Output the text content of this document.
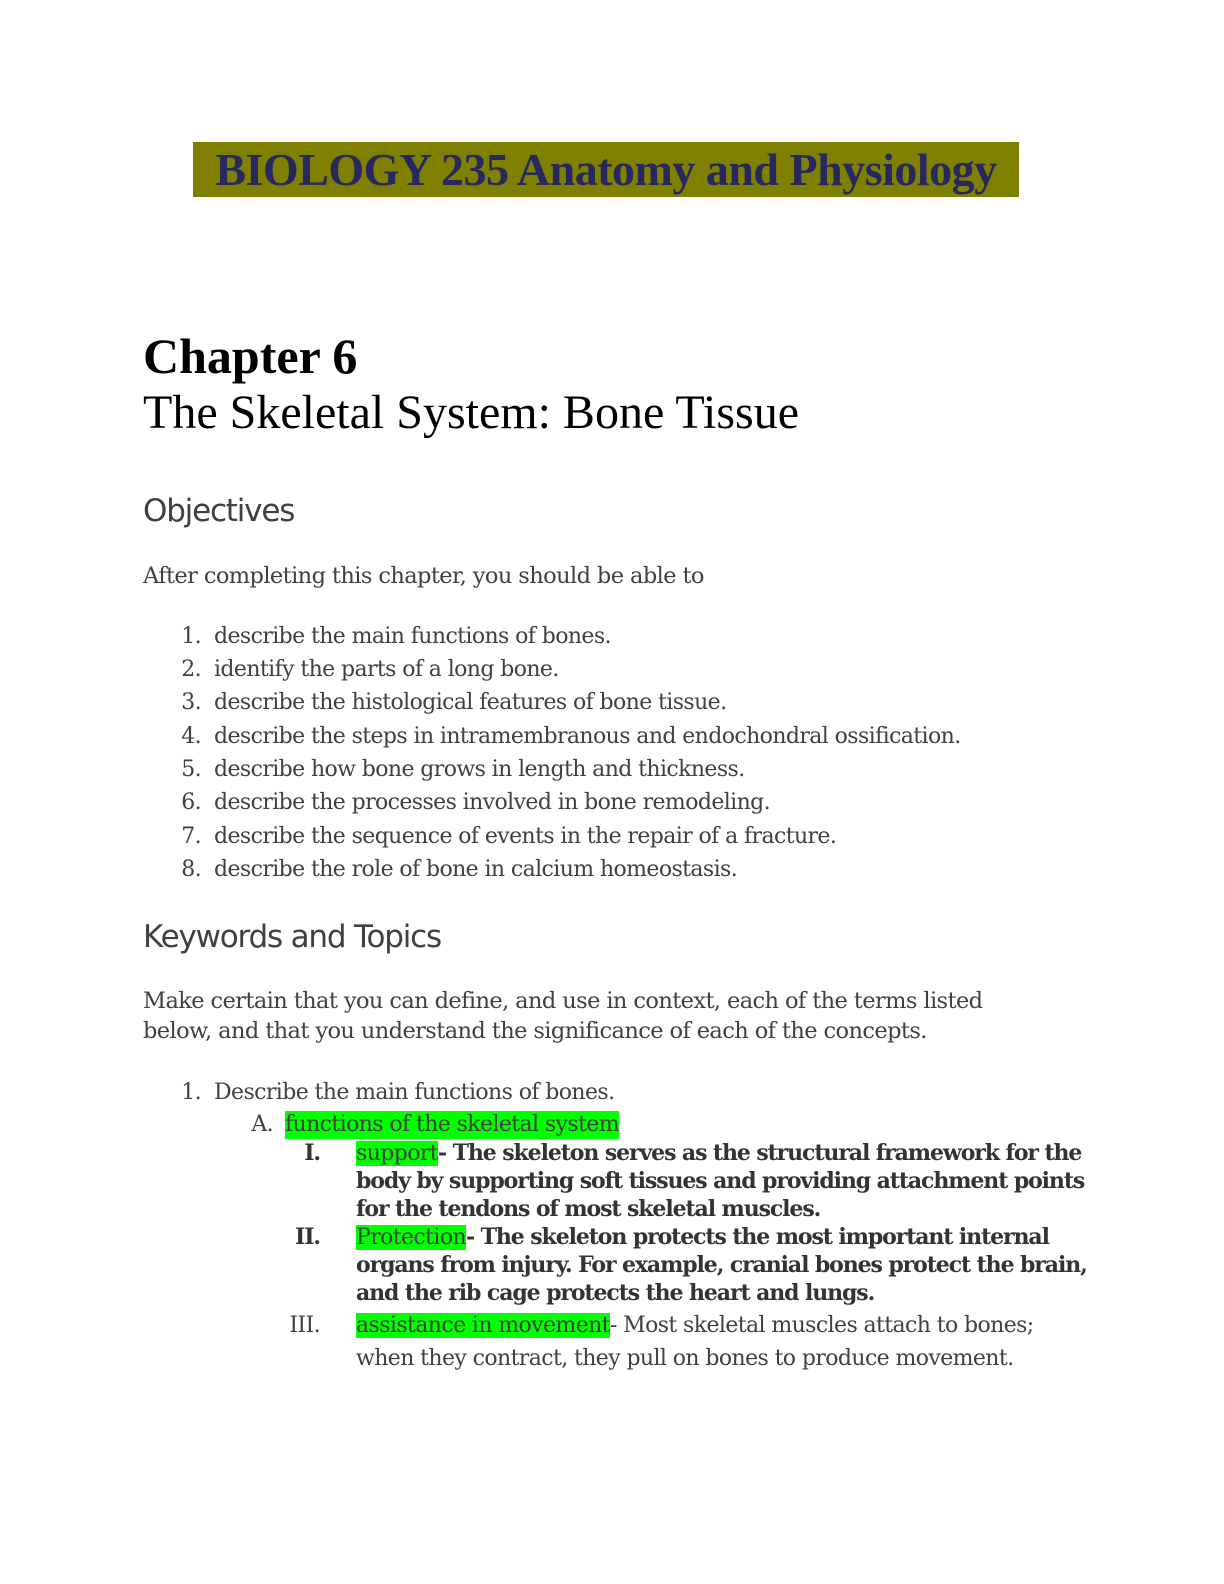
BIOLOGY 235 Anatomy and Physiology
Chapter 6
The Skeletal System: Bone Tissue
Objectives
After completing this chapter, you should be able to
1. describe the main functions of bones.
2. identify the parts of a long bone.
3. describe the histological features of bone tissue.
4. describe the steps in intramembranous and endochondral ossification.
5. describe how bone grows in length and thickness.
6. describe the processes involved in bone remodeling.
7. describe the sequence of events in the repair of a fracture.
8. describe the role of bone in calcium homeostasis.
Keywords and Topics
Make certain that you can define, and use in context, each of the terms listed
below, and that you understand the significance of each of the concepts.
1. Describe the main functions of bones.
A. functions of the skeletal system
I. support- The skeleton serves as the structural framework for the
body by supporting soft tissues and providing attachment points
for the tendons of most skeletal muscles.
II. Protection- The skeleton protects the most important internal
organs from injury. For example, cranial bones protect the brain,
and the rib cage protects the heart and lungs.
III. assistance in movement- Most skeletal muscles attach to bones;
when they contract, they pull on bones to produce movement.
